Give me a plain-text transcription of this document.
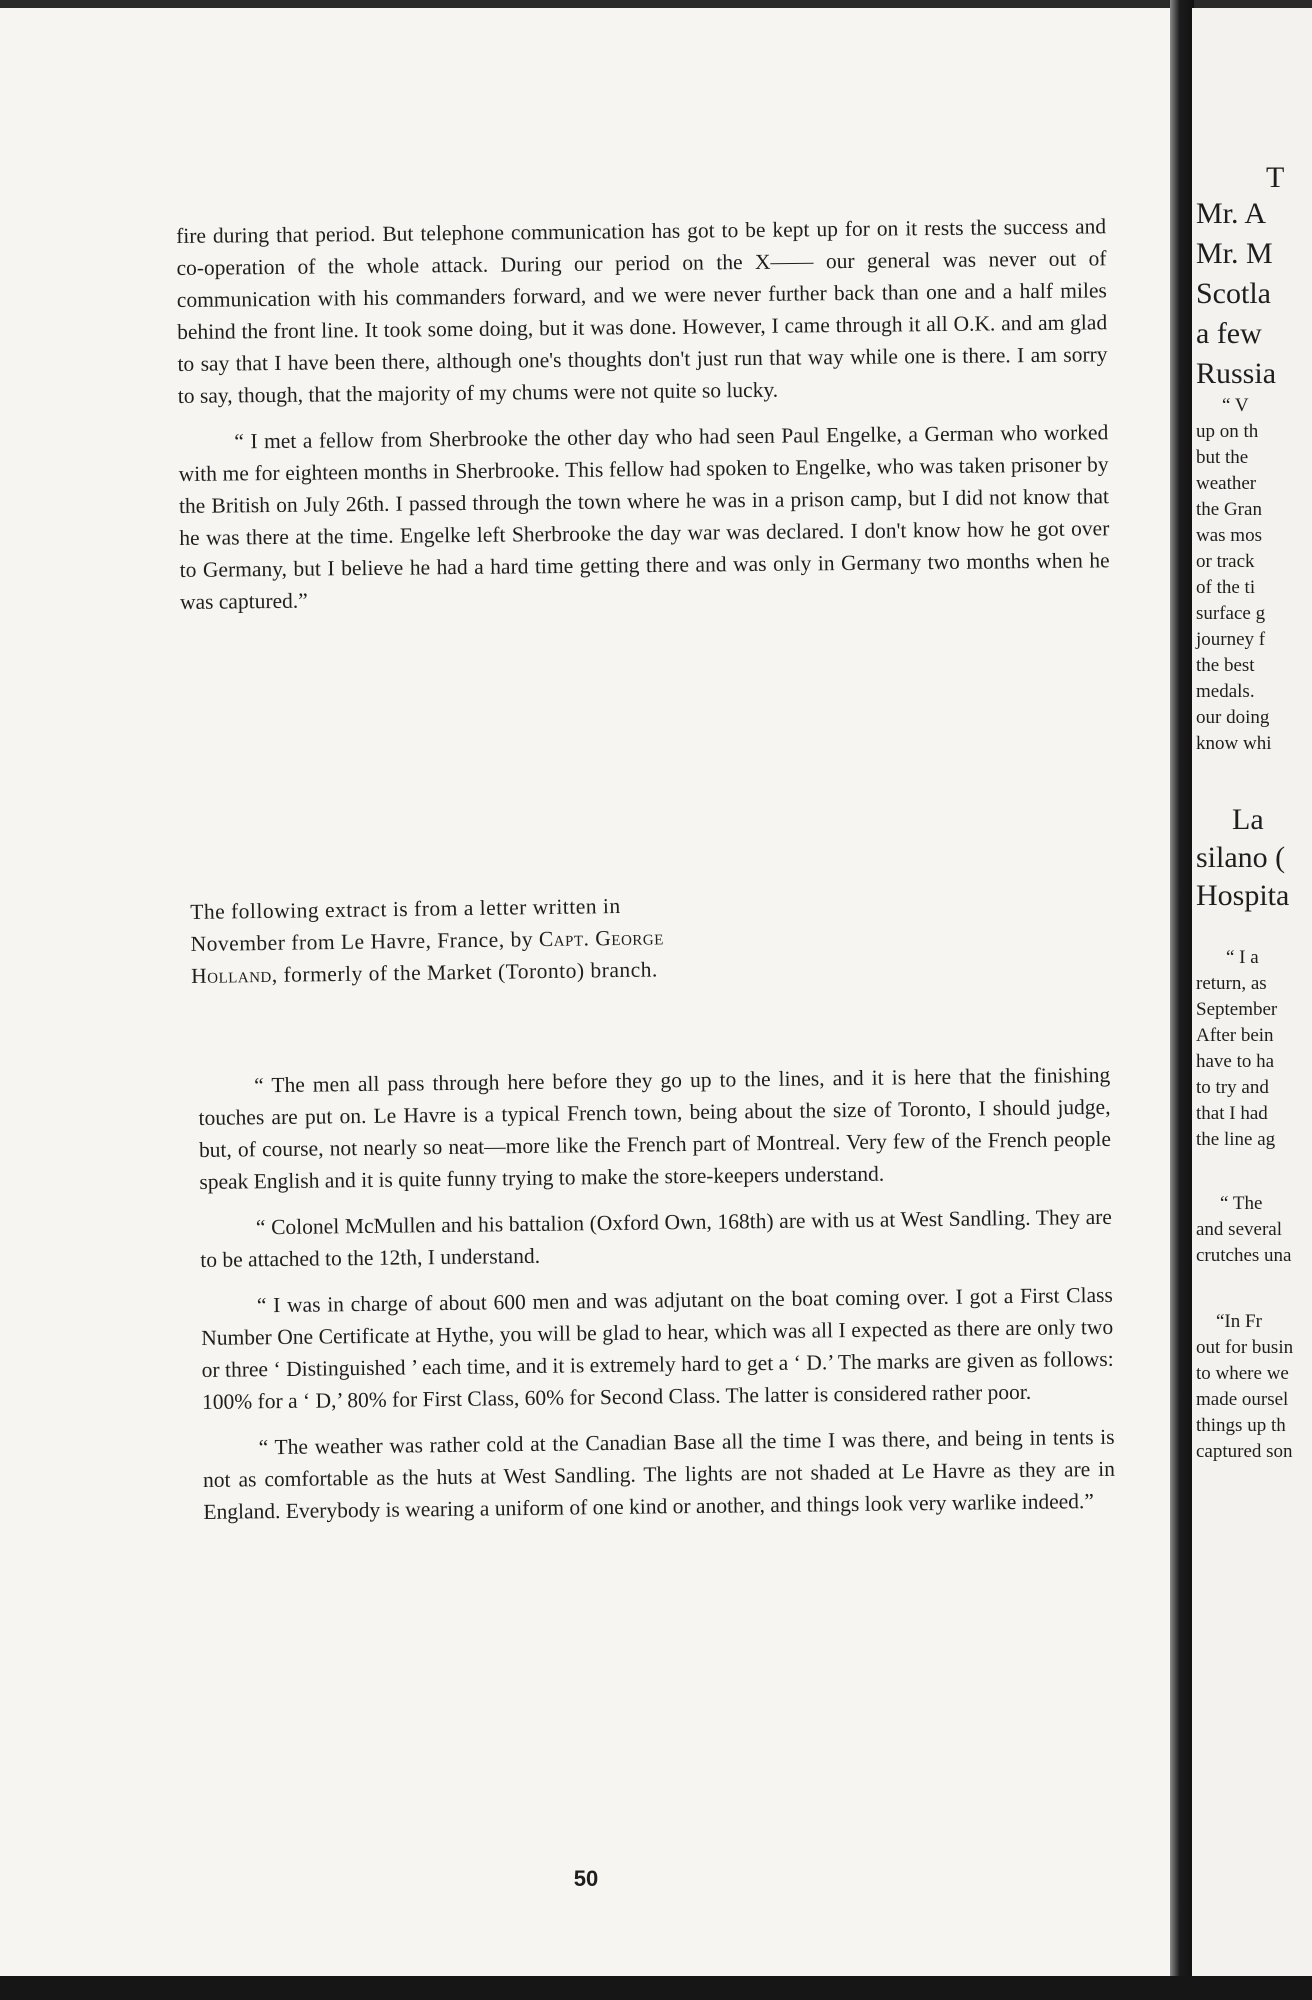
fire during that period. But telephone communication has got to be kept up for on it rests the success and co-operation of the whole attack. During our period on the X—— our general was never out of communication with his commanders forward, and we were never further back than one and a half miles behind the front line. It took some doing, but it was done. However, I came through it all O.K. and am glad to say that I have been there, although one's thoughts don't just run that way while one is there. I am sorry to say, though, that the majority of my chums were not quite so lucky.

“ I met a fellow from Sherbrooke the other day who had seen Paul Engelke, a German who worked with me for eighteen months in Sherbrooke. This fellow had spoken to Engelke, who was taken prisoner by the British on July 26th. I passed through the town where he was in a prison camp, but I did not know that he was there at the time. Engelke left Sherbrooke the day war was declared. I don't know how he got over to Germany, but I believe he had a hard time getting there and was only in Germany two months when he was captured.”

The following extract is from a letter written in

November from Le Havre, France, by Capt. George

Holland, formerly of the Market (Toronto) branch.

“ The men all pass through here before they go up to the lines, and it is here that the finishing touches are put on. Le Havre is a typical French town, being about the size of Toronto, I should judge, but, of course, not nearly so neat—more like the French part of Montreal. Very few of the French people speak English and it is quite funny trying to make the store-keepers understand.

“ Colonel McMullen and his battalion (Oxford Own, 168th) are with us at West Sandling. They are to be attached to the 12th, I understand.

“ I was in charge of about 600 men and was adjutant on the boat coming over. I got a First Class Number One Certificate at Hythe, you will be glad to hear, which was all I expected as there are only two or three ‘ Distinguished ’ each time, and it is extremely hard to get a ‘ D.’ The marks are given as follows: 100% for a ‘ D,’ 80% for First Class, 60% for Second Class. The latter is considered rather poor.

“ The weather was rather cold at the Canadian Base all the time I was there, and being in tents is not as comfortable as the huts at West Sandling. The lights are not shaded at Le Havre as they are in England. Everybody is wearing a uniform of one kind or another, and things look very warlike indeed.”

50
T
Mr. A
Mr. M
Scotla
a few
Russia
“ V
up on th
but the
weather
the Gran
was mos
or track
of the ti
surface g
journey f
the best
medals.
our doing
know whi
La
silano (
Hospita
“ I a
return, as
September
After bein
have to ha
to try and
that I had
the line ag
“ The
and several
crutches una
“In Fr
out for busin
to where we
made oursel
things up th
captured son
